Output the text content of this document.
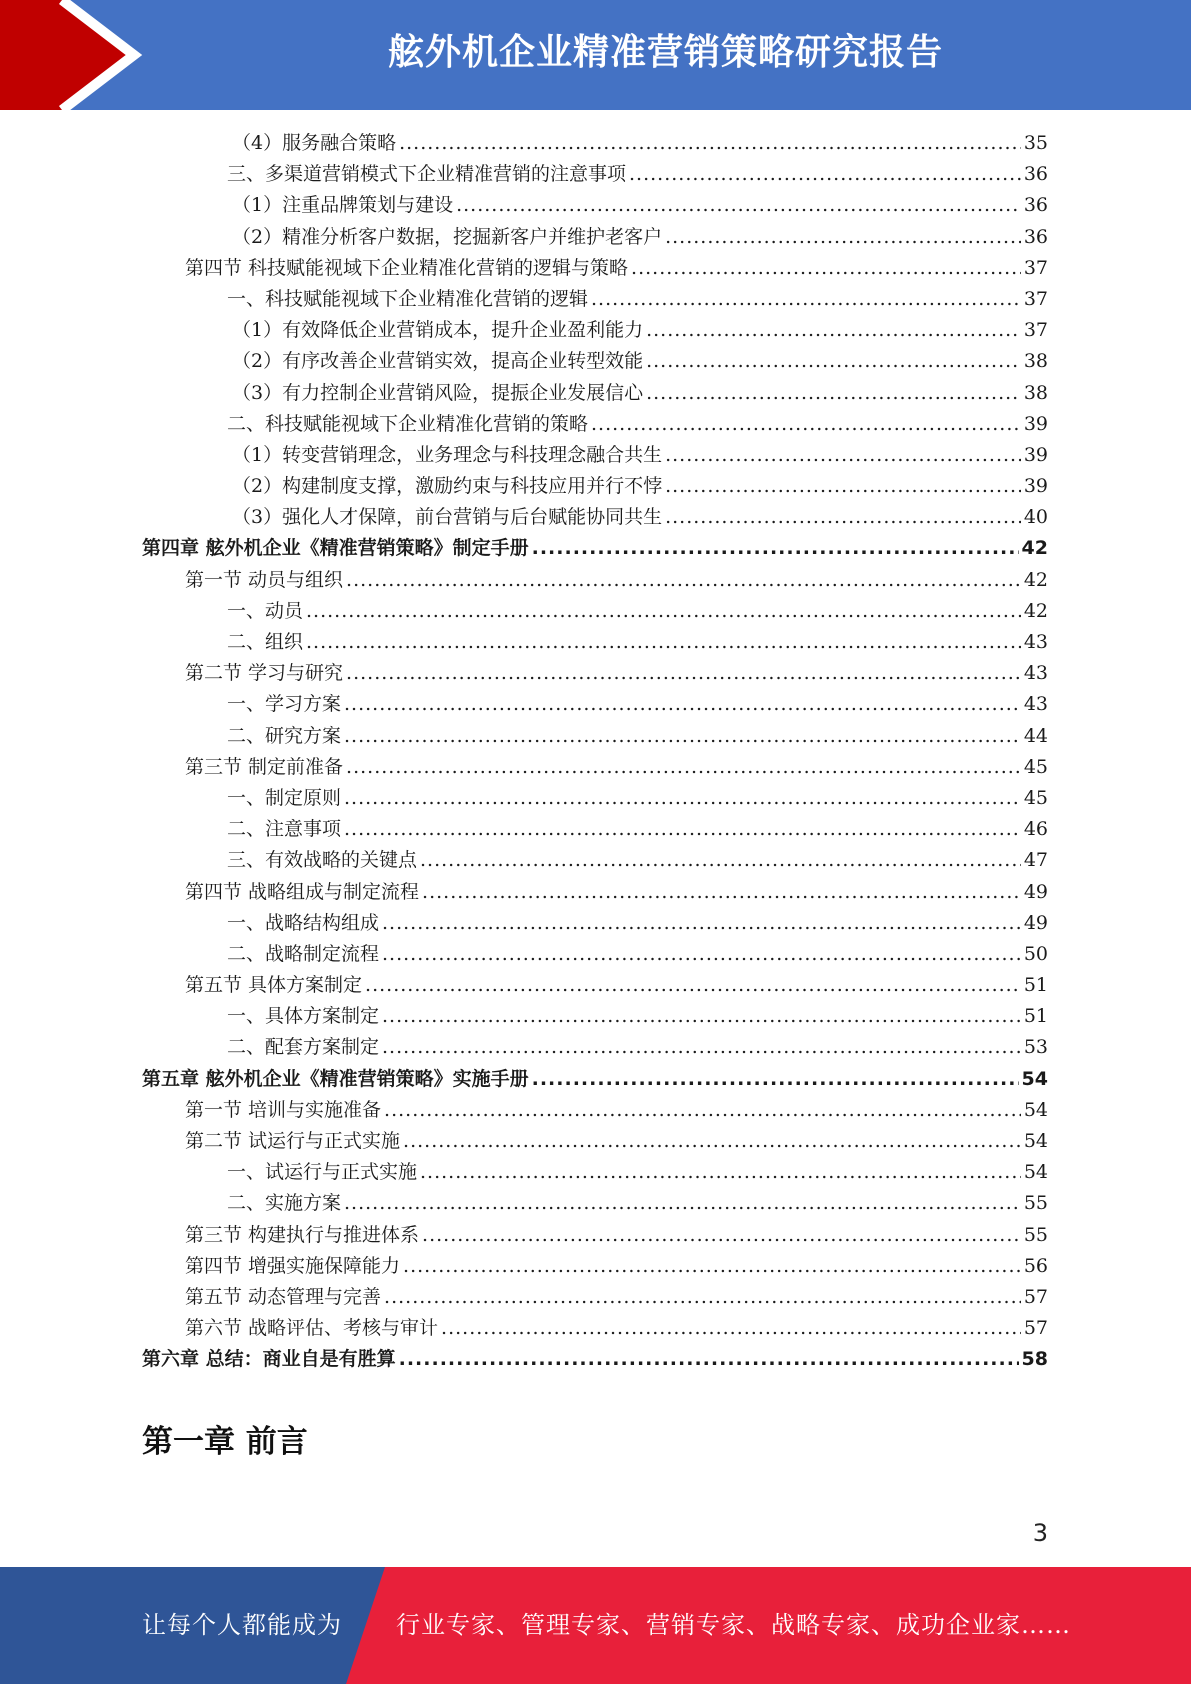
舷外机企业精准营销策略研究报告
（4）服务融合策略 .....	35
三、多渠道营销模式下企业精准营销的注意事项 .....	36
（1）注重品牌策划与建设 .....	36
（2）精准分析客户数据，挖掘新客户并维护老客户 .....	36
第四节 科技赋能视域下企业精准化营销的逻辑与策略 .....	37
一、科技赋能视域下企业精准化营销的逻辑 .....	37
（1）有效降低企业营销成本，提升企业盈利能力 .....	37
（2）有序改善企业营销实效，提高企业转型效能 .....	38
（3）有力控制企业营销风险，提振企业发展信心 .....	38
二、科技赋能视域下企业精准化营销的策略 .....	39
（1）转变营销理念，业务理念与科技理念融合共生 .....	39
（2）构建制度支撑，激励约束与科技应用并行不悖 .....	39
（3）强化人才保障，前台营销与后台赋能协同共生 .....	40
第四章 舷外机企业《精准营销策略》制定手册 .....	42
第一节 动员与组织 .....	42
一、动员 .....	42
二、组织 .....	43
第二节 学习与研究 .....	43
一、学习方案 .....	43
二、研究方案 .....	44
第三节 制定前准备 .....	45
一、制定原则 .....	45
二、注意事项 .....	46
三、有效战略的关键点 .....	47
第四节 战略组成与制定流程 .....	49
一、战略结构组成 .....	49
二、战略制定流程 .....	50
第五节 具体方案制定 .....	51
一、具体方案制定 .....	51
二、配套方案制定 .....	53
第五章 舷外机企业《精准营销策略》实施手册 .....	54
第一节 培训与实施准备 .....	54
第二节 试运行与正式实施 .....	54
一、试运行与正式实施 .....	54
二、实施方案 .....	55
第三节 构建执行与推进体系 .....	55
第四节 增强实施保障能力 .....	56
第五节 动态管理与完善 .....	57
第六节 战略评估、考核与审计 .....	57
第六章 总结：商业自是有胜算 .....	58
第一章 前言
3
让每个人都能成为 行业专家、管理专家、营销专家、战略专家、成功企业家……
